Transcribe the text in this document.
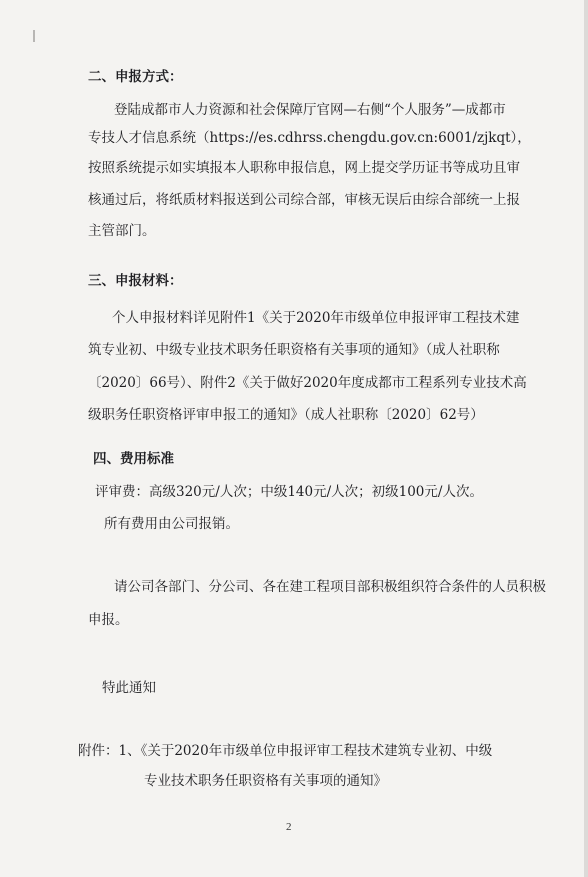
二、申报方式：
登陆成都市人力资源和社会保障厅官网—右侧“个人服务”—成都市
专技人才信息系统（https://es.cdhrss.chengdu.gov.cn:6001/zjkqt），
按照系统提示如实填报本人职称申报信息，网上提交学历证书等成功且审
核通过后，将纸质材料报送到公司综合部，审核无误后由综合部统一上报
主管部门。
三、申报材料：
个人申报材料详见附件1《关于2020年市级单位申报评审工程技术建
筑专业初、中级专业技术职务任职资格有关事项的通知》（成人社职称
〔2020〕66号）、附件2《关于做好2020年度成都市工程系列专业技术高
级职务任职资格评审申报工的通知》（成人社职称〔2020〕62号）
四、费用标准
评审费：高级320元/人次；中级140元/人次；初级100元/人次。
所有费用由公司报销。
请公司各部门、分公司、各在建工程项目部积极组织符合条件的人员积极
申报。
特此通知
附件：1、《关于2020年市级单位申报评审工程技术建筑专业初、中级
专业技术职务任职资格有关事项的通知》
2
